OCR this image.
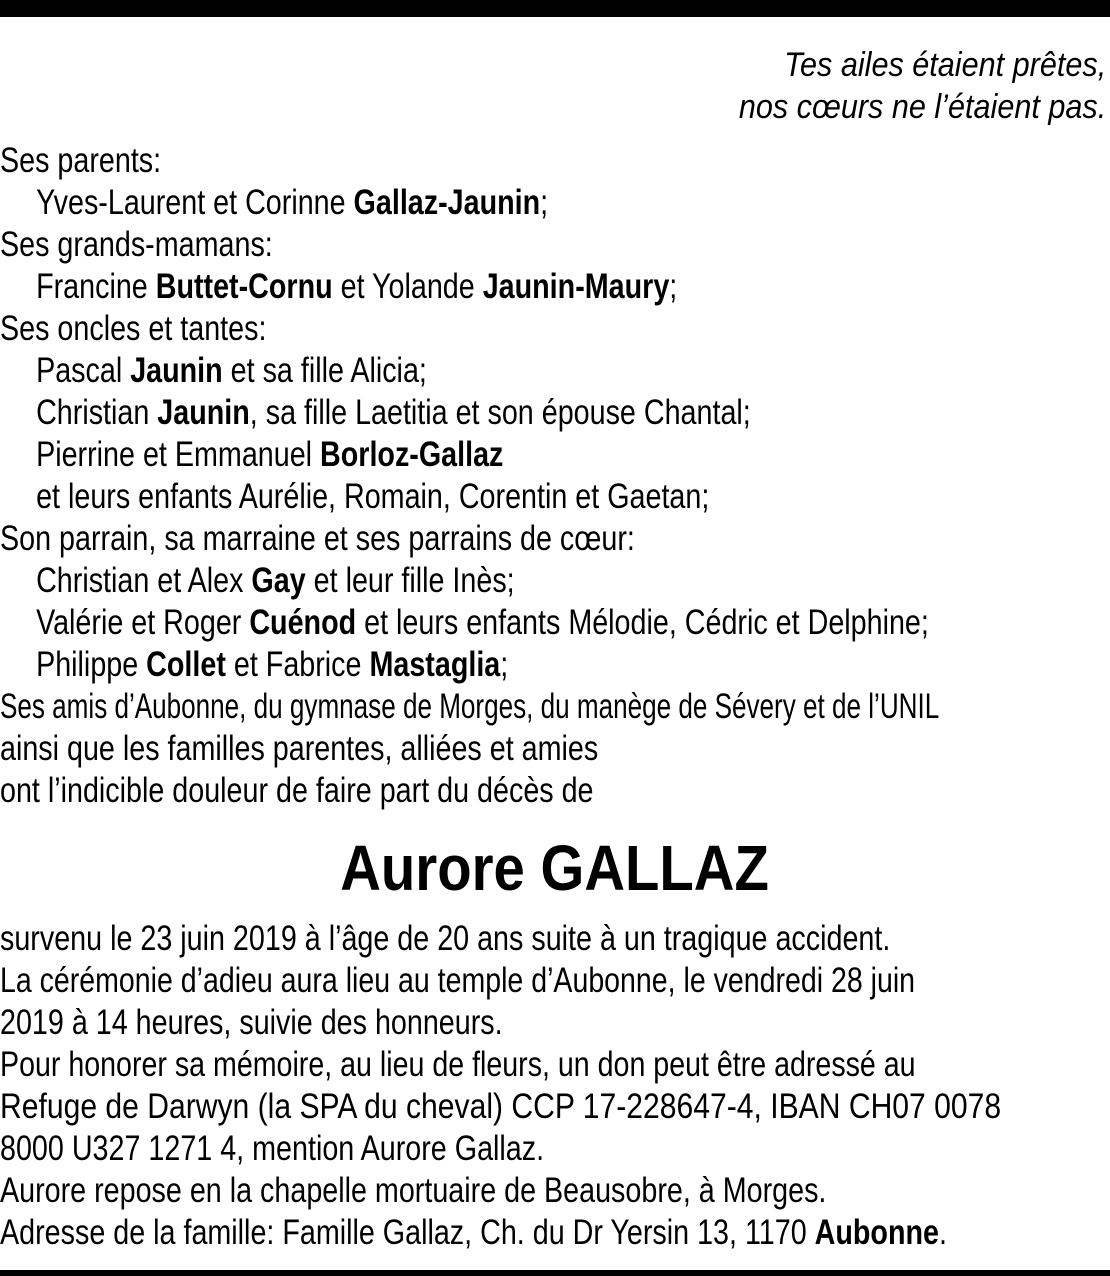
Tes ailes étaient prêtes,
nos cœurs ne l’étaient pas.
Ses parents:
Yves-Laurent et Corinne Gallaz-Jaunin;
Ses grands-mamans:
Francine Buttet-Cornu et Yolande Jaunin-Maury;
Ses oncles et tantes:
Pascal Jaunin et sa fille Alicia;
Christian Jaunin, sa fille Laetitia et son épouse Chantal;
Pierrine et Emmanuel Borloz-Gallaz
et leurs enfants Aurélie, Romain, Corentin et Gaetan;
Son parrain, sa marraine et ses parrains de cœur:
Christian et Alex Gay et leur fille Inès;
Valérie et Roger Cuénod et leurs enfants Mélodie, Cédric et Delphine;
Philippe Collet et Fabrice Mastaglia;
Ses amis d’Aubonne, du gymnase de Morges, du manège de Sévery et de l’UNIL
ainsi que les familles parentes, alliées et amies
ont l’indicible douleur de faire part du décès de
Aurore GALLAZ
survenu le 23 juin 2019 à l’âge de 20 ans suite à un tragique accident.
La cérémonie d’adieu aura lieu au temple d’Aubonne, le vendredi 28 juin
2019 à 14 heures, suivie des honneurs.
Pour honorer sa mémoire, au lieu de fleurs, un don peut être adressé au
Refuge de Darwyn (la SPA du cheval) CCP 17-228647-4, IBAN CH07 0078
8000 U327 1271 4, mention Aurore Gallaz.
Aurore repose en la chapelle mortuaire de Beausobre, à Morges.
Adresse de la famille: Famille Gallaz, Ch. du Dr Yersin 13, 1170 Aubonne.
